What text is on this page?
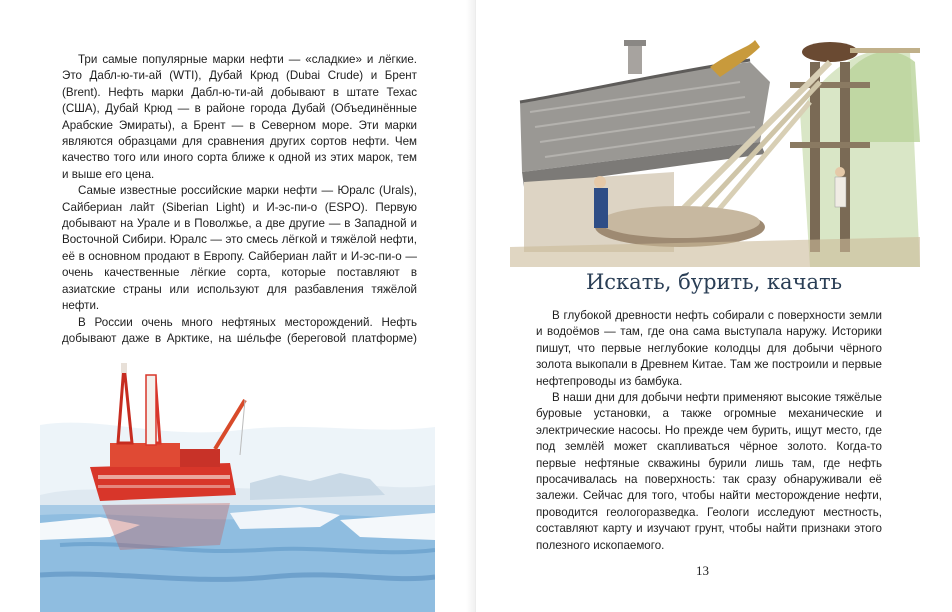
Три самые популярные марки нефти — «сладкие» и лёгкие. Это Дабл-ю-ти-ай (WTI), Дубай Крюд (Dubai Crude) и Брент (Brent). Нефть марки Дабл-ю-ти-ай добывают в штате Техас (США), Дубай Крюд — в районе города Дубай (Объединённые Арабские Эмираты), а Брент — в Северном море. Эти марки являются образцами для сравнения других сортов нефти. Чем качество того или иного сорта ближе к одной из этих марок, тем и выше его цена.

Самые известные российские марки нефти — Юралс (Urals), Сайбериан лайт (Siberian Light) и И-эс-пи-о (ESPO). Первую добывают на Урале и в Поволжье, а две другие — в Западной и Восточной Сибири. Юралс — это смесь лёгкой и тяжёлой нефти, её в основном продают в Европу. Сайбериан лайт и И-эс-пи-о — очень качественные лёгкие сорта, которые поставляют в азиатские страны или используют для разбавления тяжёлой нефти.

В России очень много нефтяных месторождений. Нефть добывают даже в Арктике, на шéльфе (береговой платформе)

Искать, бурить, качать

В глубокой древности нефть собирали с поверхности земли и водоёмов — там, где она сама выступала наружу. Историки пишут, что первые неглубокие колодцы для добычи чёрного золота выкопали в Древнем Китае. Там же построили и первые нефтепроводы из бамбука.

В наши дни для добычи нефти применяют высокие тяжёлые буровые установки, а также огромные механические и электрические насосы. Но прежде чем бурить, ищут место, где под землёй может скапливаться чёрное золото. Когда-то первые нефтяные скважины бурили лишь там, где нефть просачивалась на поверхность: так сразу обнаруживали её залежи. Сейчас для того, чтобы найти месторождение нефти, проводится геологоразведка. Геологи исследуют местность, составляют карту и изучают грунт, чтобы найти признаки этого полезного ископаемого.

13
